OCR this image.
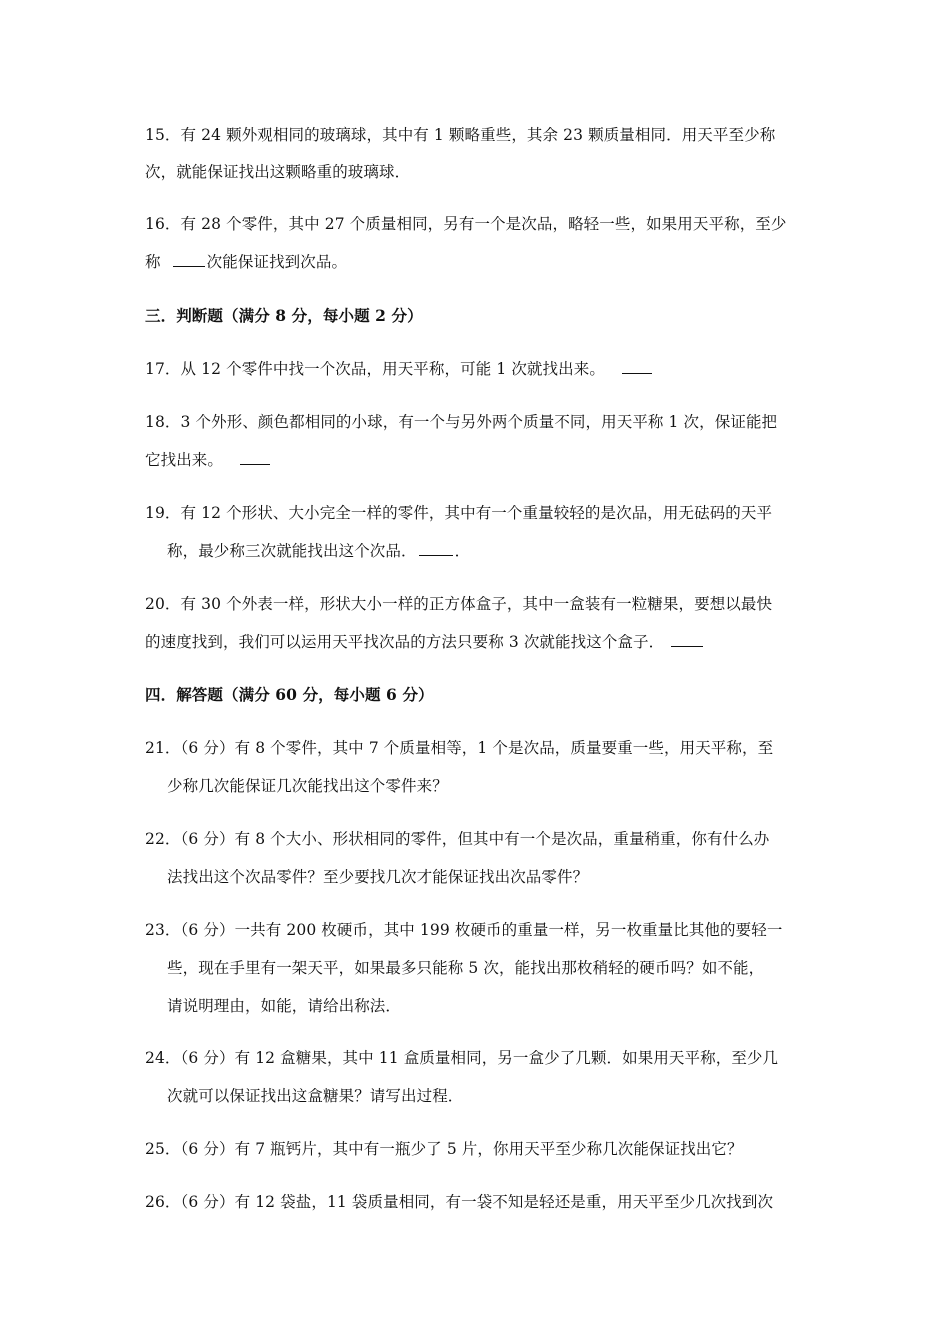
15．有 24 颗外观相同的玻璃球，其中有 1 颗略重些，其余 23 颗质量相同．用天平至少称
次，就能保证找出这颗略重的玻璃球．
16．有 28 个零件，其中 27 个质量相同，另有一个是次品，略轻一些，如果用天平称，至少
称	次能保证找到次品。
三．判断题（满分 8 分，每小题 2 分）
17．从 12 个零件中找一个次品，用天平称，可能 1 次就找出来。
18．3 个外形、颜色都相同的小球，有一个与另外两个质量不同，用天平称 1 次，保证能把
它找出来。
19．有 12 个形状、大小完全一样的零件，其中有一个重量较轻的是次品，用无砝码的天平
称，最少称三次就能找出这个次品． ．
20．有 30 个外表一样，形状大小一样的正方体盒子，其中一盒装有一粒糖果，要想以最快
的速度找到，我们可以运用天平找次品的方法只要称 3 次就能找这个盒子．
四．解答题（满分 60 分，每小题 6 分）
21．（6 分）有 8 个零件，其中 7 个质量相等，1 个是次品，质量要重一些，用天平称，至
少称几次能保证几次能找出这个零件来？
22．（6 分）有 8 个大小、形状相同的零件，但其中有一个是次品，重量稍重，你有什么办
法找出这个次品零件？至少要找几次才能保证找出次品零件？
23．（6 分）一共有 200 枚硬币，其中 199 枚硬币的重量一样，另一枚重量比其他的要轻一
些，现在手里有一架天平，如果最多只能称 5 次，能找出那枚稍轻的硬币吗？如不能，
请说明理由，如能，请给出称法．
24．（6 分）有 12 盒糖果，其中 11 盒质量相同，另一盒少了几颗．如果用天平称，至少几
次就可以保证找出这盒糖果？请写出过程．
25．（6 分）有 7 瓶钙片，其中有一瓶少了 5 片，你用天平至少称几次能保证找出它？
26．（6 分）有 12 袋盐，11 袋质量相同，有一袋不知是轻还是重，用天平至少几次找到次
